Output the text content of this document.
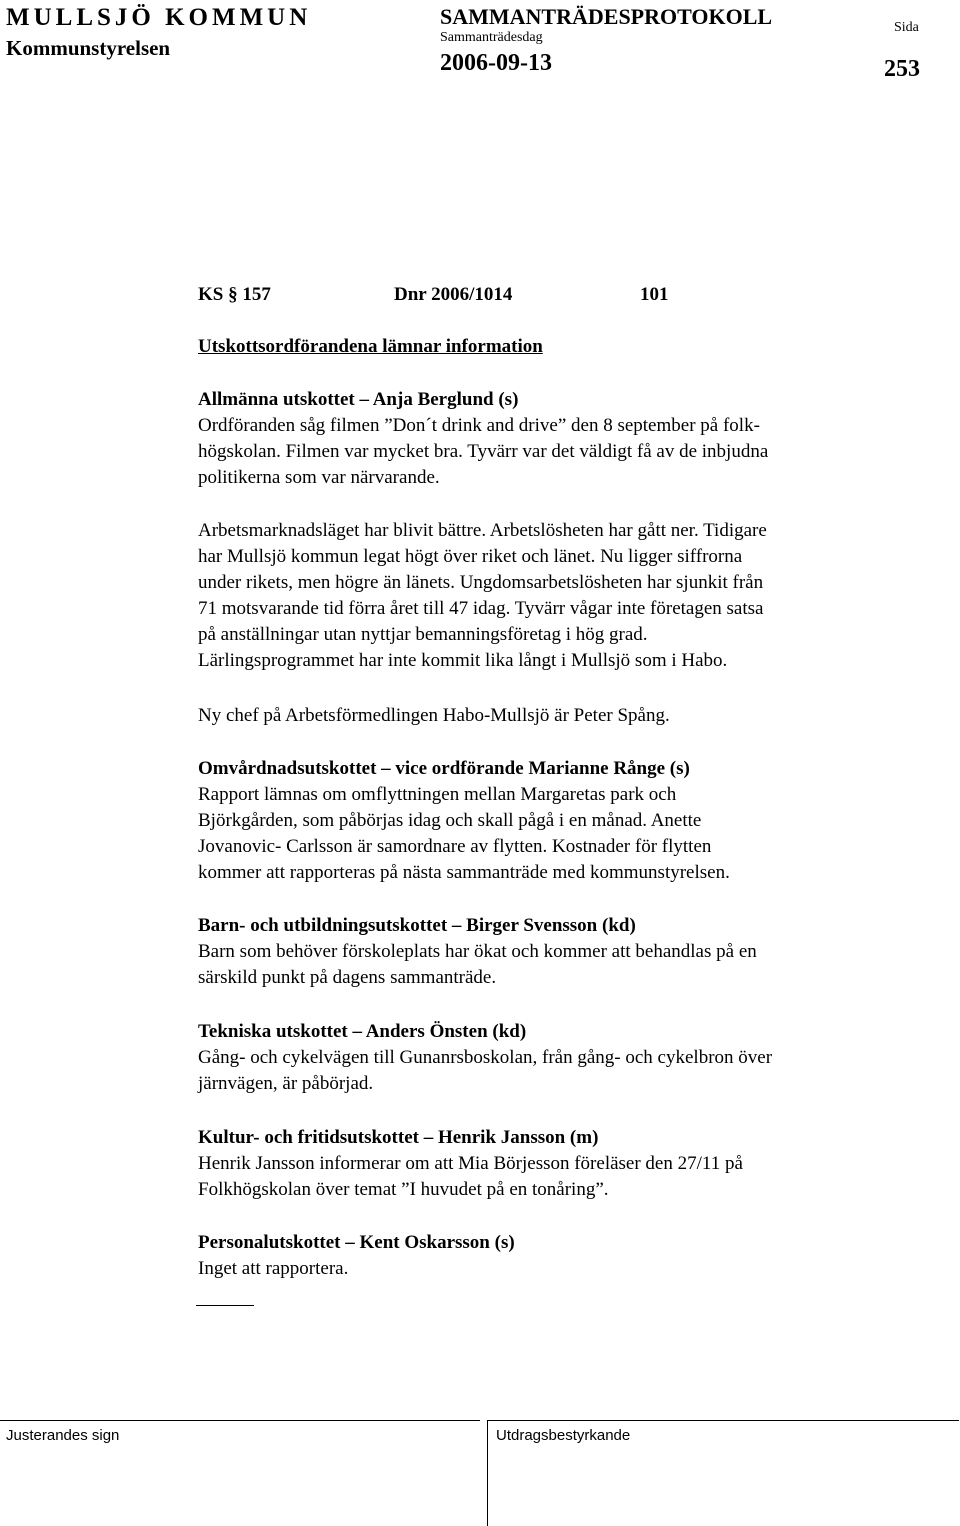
MULLSJÖ KOMMUN
Kommunstyrelsen
SAMMANTRÄDESPROTOKOLL
Sammanträdesdag
2006-09-13
Sida
253
KS § 157	Dnr 2006/1014	101
Utskottsordförandena lämnar information
Allmänna utskottet – Anja Berglund (s)
Ordföranden såg filmen ”Don´t drink and drive” den 8 september på folk-
högskolan. Filmen var mycket bra. Tyvärr var det väldigt få av de inbjudna
politikerna som var närvarande.
Arbetsmarknadsläget har blivit bättre. Arbetslösheten har gått ner. Tidigare
har Mullsjö kommun legat högt över riket och länet. Nu ligger siffrorna
under rikets, men högre än länets. Ungdomsarbetslösheten har sjunkit från
71 motsvarande tid förra året till 47 idag. Tyvärr vågar inte företagen satsa
på anställningar utan nyttjar bemanningsföretag i hög grad.
Lärlingsprogrammet har inte kommit lika långt i Mullsjö som i Habo.
Ny chef på Arbetsförmedlingen Habo-Mullsjö är Peter Spång.
Omvårdnadsutskottet – vice ordförande Marianne Rånge (s)
Rapport lämnas om omflyttningen mellan Margaretas park och
Björkgården, som påbörjas idag och skall pågå i en månad. Anette
Jovanovic- Carlsson är samordnare av flytten. Kostnader för flytten
kommer att rapporteras på nästa sammanträde med kommunstyrelsen.
Barn- och utbildningsutskottet – Birger Svensson (kd)
Barn som behöver förskoleplats har ökat och kommer att behandlas på en
särskild punkt på dagens sammanträde.
Tekniska utskottet – Anders Önsten (kd)
Gång- och cykelvägen till Gunanrsboskolan, från gång- och cykelbron över
järnvägen, är påbörjad.
Kultur- och fritidsutskottet – Henrik Jansson (m)
Henrik Jansson informerar om att Mia Börjesson föreläser den 27/11 på
Folkhögskolan över temat ”I huvudet på en tonåring”.
Personalutskottet – Kent Oskarsson (s)
Inget att rapportera.
Justerandes sign	Utdragsbestyrkande
